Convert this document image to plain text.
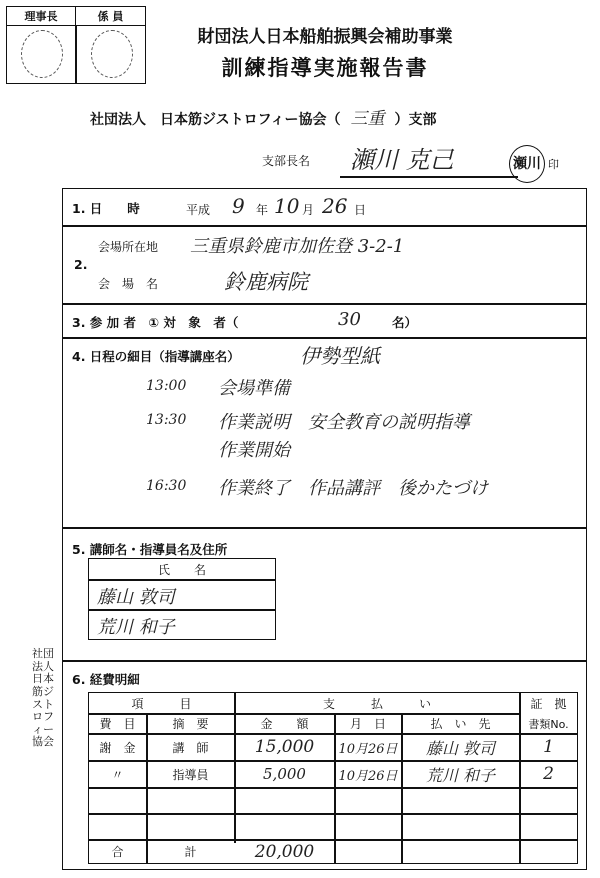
理事長	係 員
財団法人日本船舶振興会補助事業
訓練指導実施報告書
社団法人　日本筋ジストロフィー協会（ 三重 ）支部
支部長名 瀬川 克己	瀬川 印
1. 日　　時	平成 9 年 10 月 26 日
2.
会場所在地 三重県鈴鹿市加佐登 3-2-1
会　場　名	鈴鹿病院
3. 参 加 者　① 対　象　者（	30 名）
4. 日程の細目（指導講座名）	伊勢型紙
13:00 会場準備
13:30 作業説明　安全教育の説明指導
作業開始
16:30 作業終了　作品講評　後かたづけ
5. 講師名・指導員名及住所
氏　　名
藤山 敦司
荒川 和子
6. 経費明細
項　　　目	支　　　払　　　い	証　拠
費　目	摘　要	金　　額	月　日	払　い　先	書類No.
謝　金	講　師	15,000	10月26日	藤山 敦司	1
〃	指導員	5,000	10月26日	荒川 和子	2
合	計	20,000
社団法人日本筋ジストロフィー協会
